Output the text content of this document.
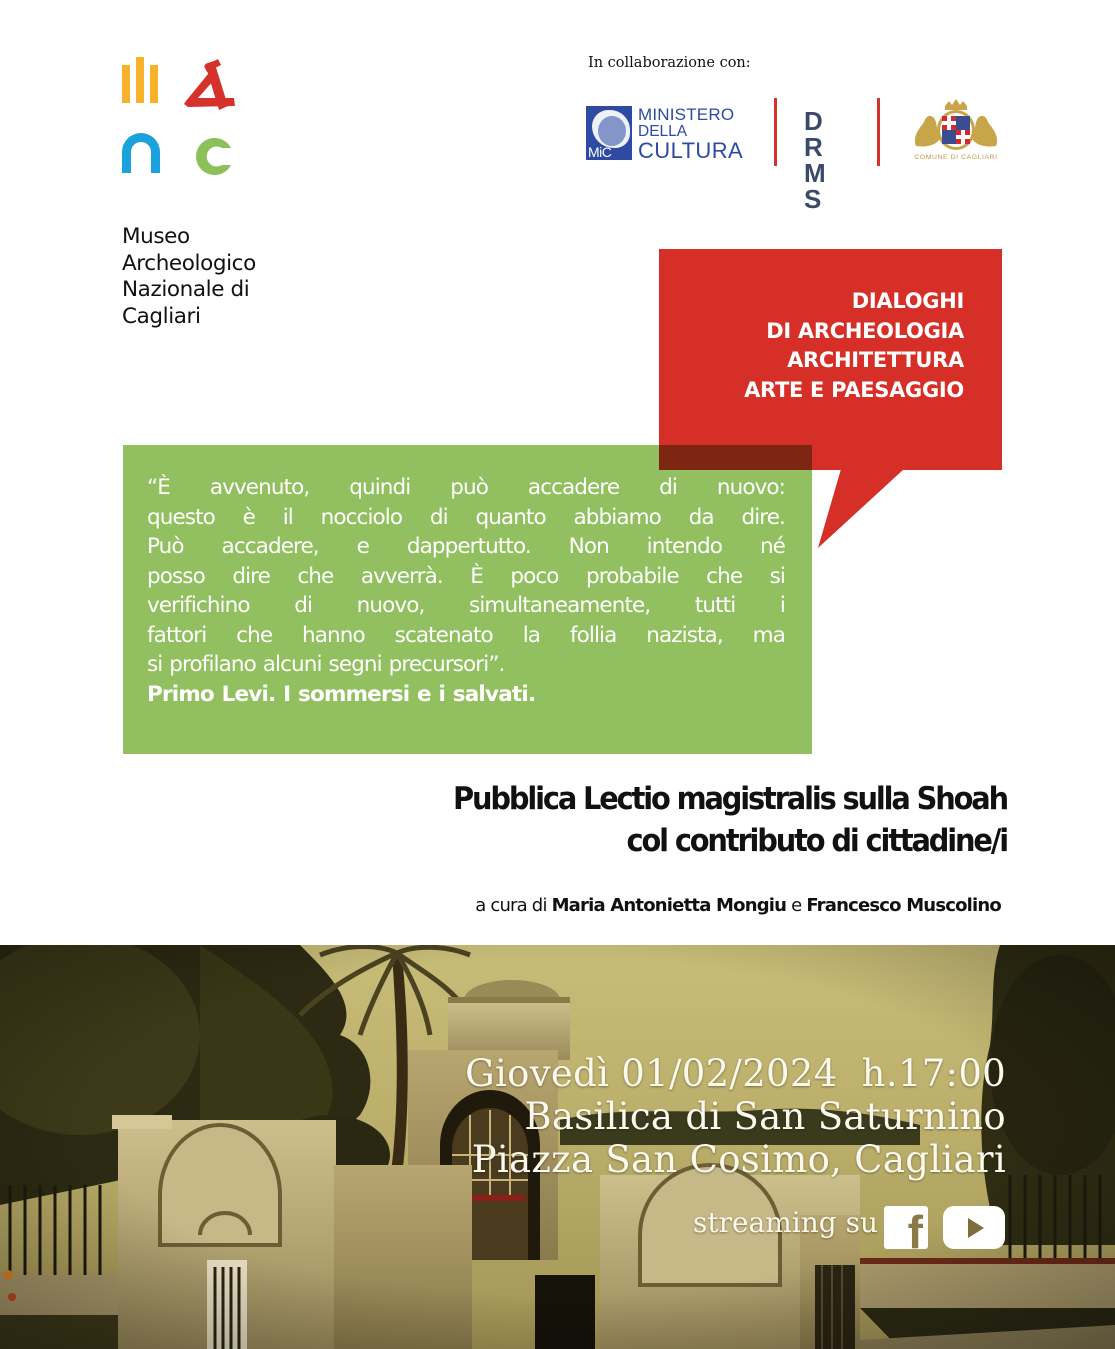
Museo
Archeologico
Nazionale di
Cagliari
In collaborazione con:
MiC
MINISTERO
DELLA
CULTURA
D R
M S
COMUNE DI CAGLIARI
DIALOGHI
DI ARCHEOLOGIA
ARCHITETTURA
ARTE E PAESAGGIO
“È avvenuto, quindi può accadere di nuovo:
questo è il nocciolo di quanto abbiamo da dire.
Può accadere, e dappertutto. Non intendo né
posso dire che avverrà. È poco probabile che si
verifichino di nuovo, simultaneamente, tutti i
fattori che hanno scatenato la follia nazista, ma
si profilano alcuni segni precursori”.
Primo Levi. I sommersi e i salvati.
Pubblica Lectio magistralis sulla Shoah
col contributo di cittadine/i
a cura di Maria Antonietta Mongiu e Francesco Muscolino
Giovedì 01/02/2024  h.17:00
Basilica di San Saturnino
Piazza San Cosimo, Cagliari
streaming su f
